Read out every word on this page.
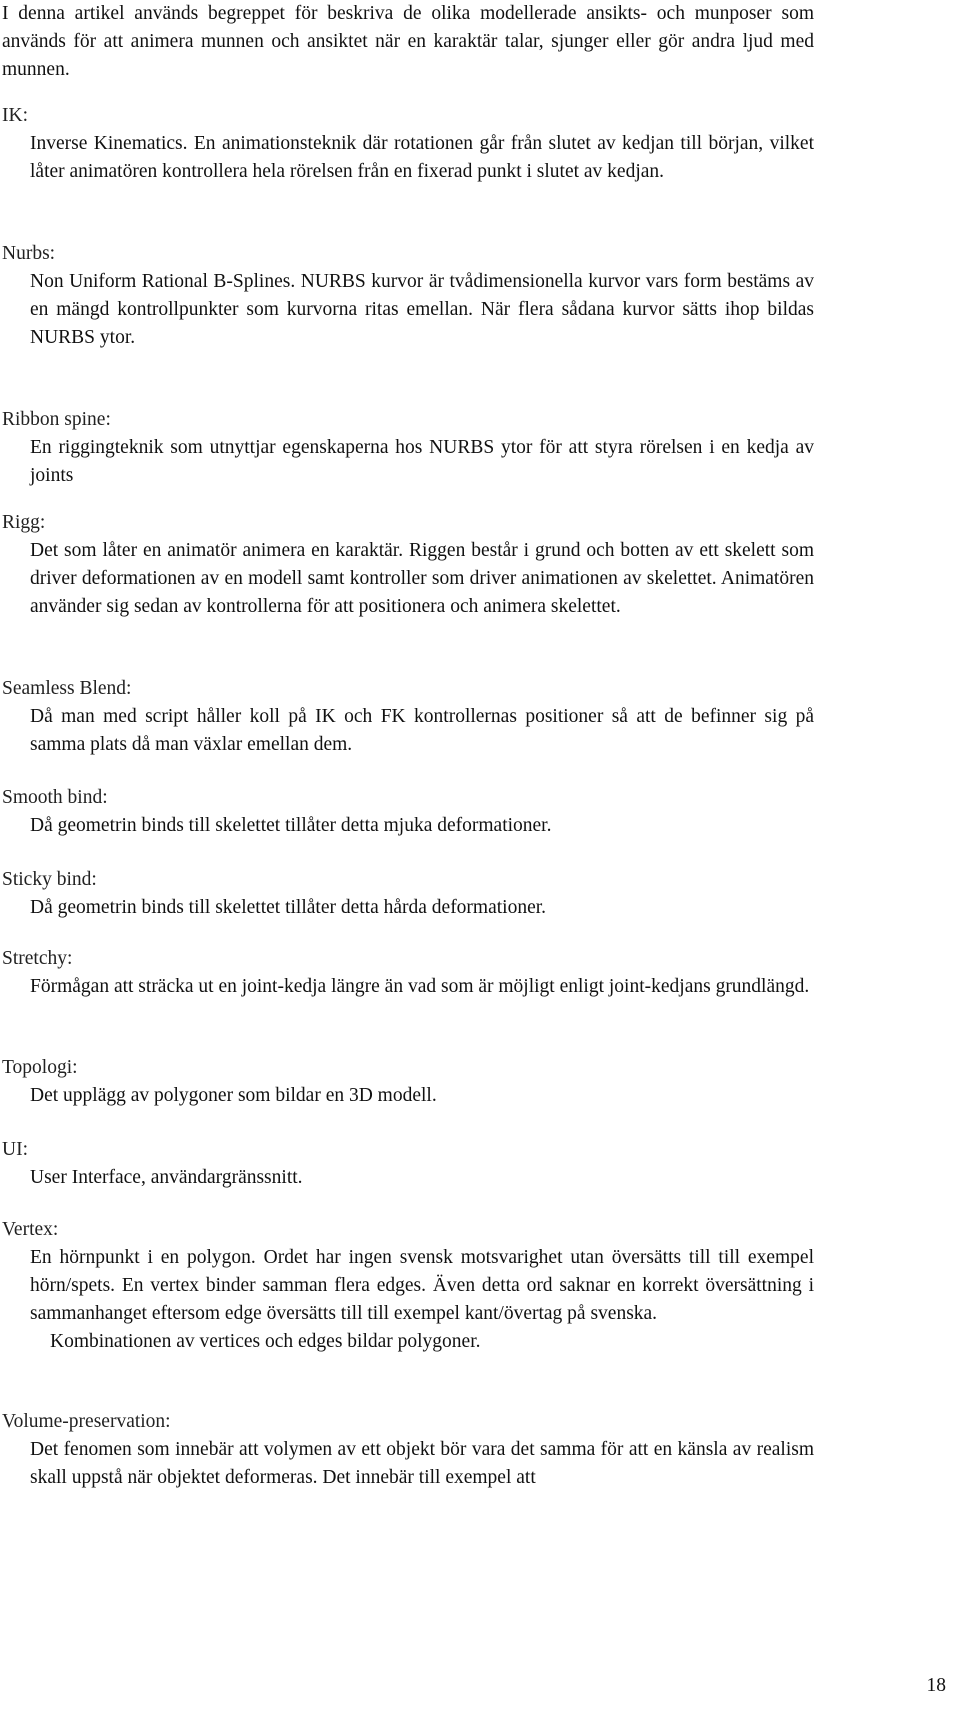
I denna artikel används begreppet för beskriva de olika modellerade ansikts- och munposer som används för att animera munnen och ansiktet när en karaktär talar, sjunger eller gör andra ljud med munnen.
IK:
Inverse Kinematics. En animationsteknik där rotationen går från slutet av kedjan till början, vilket låter animatören kontrollera hela rörelsen från en fixerad punkt i slutet av kedjan.
Nurbs:
Non Uniform Rational B-Splines. NURBS kurvor är tvådimensionella kurvor vars form bestäms av en mängd kontrollpunkter som kurvorna ritas emellan. När flera sådana kurvor sätts ihop bildas NURBS ytor.
Ribbon spine:
En riggingteknik som utnyttjar egenskaperna hos NURBS ytor för att styra rörelsen i en kedja av joints
Rigg:
Det som låter en animatör animera en karaktär. Riggen består i grund och botten av ett skelett som driver deformationen av en modell samt kontroller som driver animationen av skelettet. Animatören använder sig sedan av kontrollerna för att positionera och animera skelettet.
Seamless Blend:
Då man med script håller koll på IK och FK kontrollernas positioner så att de befinner sig på samma plats då man växlar emellan dem.
Smooth bind:
Då geometrin binds till skelettet tillåter detta mjuka deformationer.
Sticky bind:
Då geometrin binds till skelettet tillåter detta hårda deformationer.
Stretchy:
Förmågan att sträcka ut en joint-kedja längre än vad som är möjligt enligt joint-kedjans grundlängd.
Topologi:
Det upplägg av polygoner som bildar en 3D modell.
UI:
User Interface, användargränssnitt.
Vertex:
En hörnpunkt i en polygon. Ordet har ingen svensk motsvarighet utan översätts till till exempel hörn/spets. En vertex binder samman flera edges. Även detta ord saknar en korrekt översättning i sammanhanget eftersom edge översätts till till exempel kant/övertag på svenska.
Kombinationen av vertices och edges bildar polygoner.
Volume-preservation:
Det fenomen som innebär att volymen av ett objekt bör vara det samma för att en känsla av realism skall uppstå när objektet deformeras. Det innebär till exempel att
18
